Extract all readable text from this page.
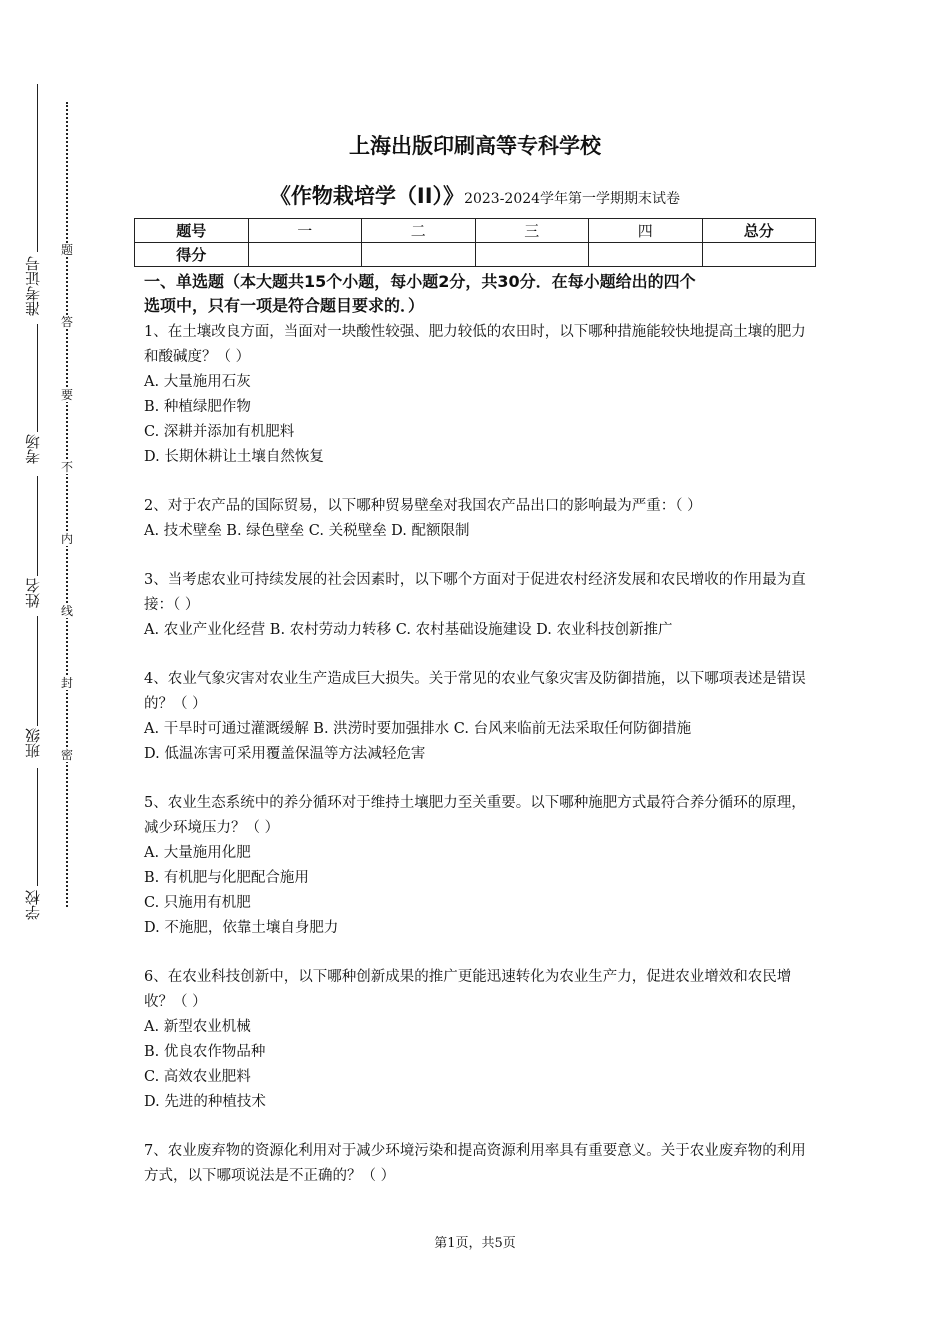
题
答
要
不
内
线
封
密
准考证号
考场
姓名
班级
学校
上海出版印刷高等专科学校
《作物栽培学（II）》2023-2024学年第一学期期末试卷
题号	一	二	三	四	总分
得分					
一、单选题（本大题共15个小题，每小题2分，共30分．在每小题给出的四个
选项中，只有一项是符合题目要求的．）
1、在土壤改良方面，当面对一块酸性较强、肥力较低的农田时，以下哪种措施能较快地提高土壤的肥力和酸碱度？（ ）
A. 大量施用石灰
B. 种植绿肥作物
C. 深耕并添加有机肥料
D. 长期休耕让土壤自然恢复
2、对于农产品的国际贸易，以下哪种贸易壁垒对我国农产品出口的影响最为严重：（ ）
A. 技术壁垒 B. 绿色壁垒 C. 关税壁垒 D. 配额限制
3、当考虑农业可持续发展的社会因素时，以下哪个方面对于促进农村经济发展和农民增收的作用最为直接：（ ）
A. 农业产业化经营 B. 农村劳动力转移 C. 农村基础设施建设 D. 农业科技创新推广
4、农业气象灾害对农业生产造成巨大损失。关于常见的农业气象灾害及防御措施，以下哪项表述是错误的？（ ）
A. 干旱时可通过灌溉缓解 B. 洪涝时要加强排水 C. 台风来临前无法采取任何防御措施
D. 低温冻害可采用覆盖保温等方法减轻危害
5、农业生态系统中的养分循环对于维持土壤肥力至关重要。以下哪种施肥方式最符合养分循环的原理，减少环境压力？（ ）
A. 大量施用化肥
B. 有机肥与化肥配合施用
C. 只施用有机肥
D. 不施肥，依靠土壤自身肥力
6、在农业科技创新中，以下哪种创新成果的推广更能迅速转化为农业生产力，促进农业增效和农民增收？（ ）
A. 新型农业机械
B. 优良农作物品种
C. 高效农业肥料
D. 先进的种植技术
7、农业废弃物的资源化利用对于减少环境污染和提高资源利用率具有重要意义。关于农业废弃物的利用方式，以下哪项说法是不正确的？（ ）
第1页，共5页
